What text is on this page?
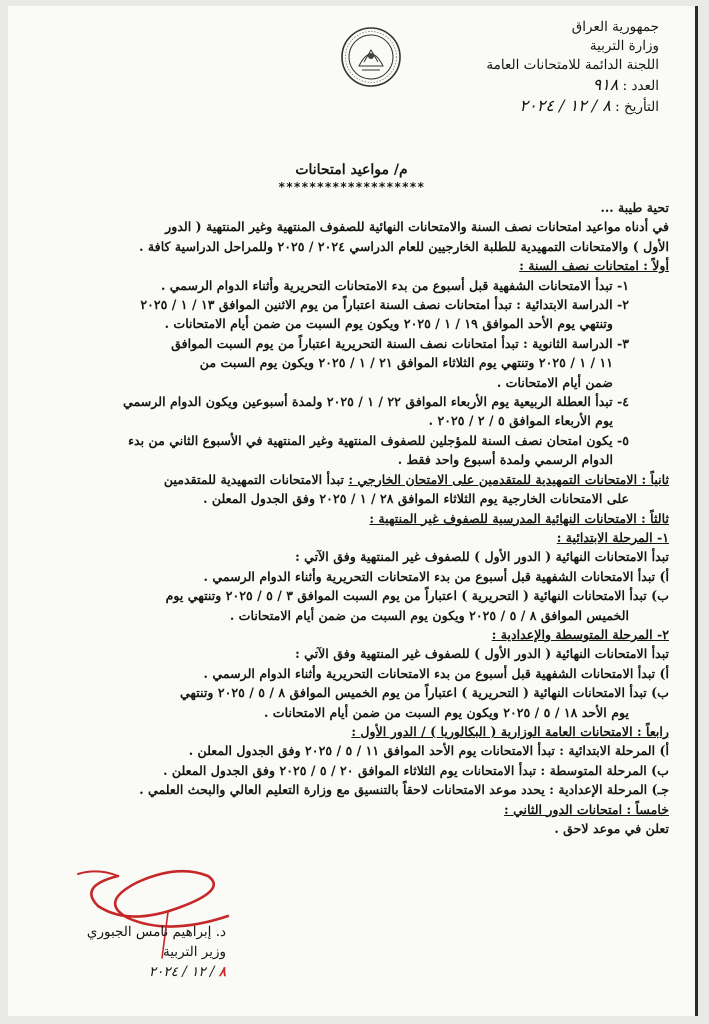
جمهورية العراق
وزارة التربية
اللجنة الدائمة للامتحانات العامة
العدد : ٩١٨
التأريخ : ٨ / ١٢ / ٢٠٢٤
م/ مواعيد امتحانات
*******************

تحية طيبة ...

في أدناه مواعيد امتحانات نصف السنة والامتحانات النهائية للصفوف المنتهية وغير المنتهية ( الدور

الأول ) والامتحانات التمهيدية للطلبة الخارجيين للعام الدراسي ٢٠٢٤ / ٢٠٢٥ وللمراحل الدراسية كافة .

أولاً : امتحانات نصف السنة :

١- تبدأ الامتحانات الشفهية قبل أسبوع من بدء الامتحانات التحريرية وأثناء الدوام الرسمي .

٢- الدراسة الابتدائية : تبدأ امتحانات نصف السنة اعتباراً من يوم الاثنين الموافق ١٣ / ١ / ٢٠٢٥

وتنتهي يوم الأحد الموافق ١٩ / ١ / ٢٠٢٥ ويكون يوم السبت من ضمن أيام الامتحانات .

٣- الدراسة الثانوية : تبدأ امتحانات نصف السنة التحريرية اعتباراً من يوم السبت الموافق

١١ / ١ / ٢٠٢٥ وتنتهي يوم الثلاثاء الموافق ٢١ / ١ / ٢٠٢٥ ويكون يوم السبت من

ضمن أيام الامتحانات .

٤- تبدأ العطلة الربيعية يوم الأربعاء الموافق ٢٢ / ١ / ٢٠٢٥ ولمدة أسبوعين ويكون الدوام الرسمي

يوم الأربعاء الموافق ٥ / ٢ / ٢٠٢٥ .

٥- يكون امتحان نصف السنة للمؤجلين للصفوف المنتهية وغير المنتهية في الأسبوع الثاني من بدء

الدوام الرسمي ولمدة أسبوع واحد فقط .

ثانياً : الامتحانات التمهيدية للمتقدمين على الامتحان الخارجي : تبدأ الامتحانات التمهيدية للمتقدمين

على الامتحانات الخارجية يوم الثلاثاء الموافق ٢٨ / ١ / ٢٠٢٥ وفق الجدول المعلن .

ثالثاً : الامتحانات النهائية المدرسية للصفوف غير المنتهية :

١- المرحلة الابتدائية :

تبدأ الامتحانات النهائية ( الدور الأول ) للصفوف غير المنتهية وفق الآتي :

أ) تبدأ الامتحانات الشفهية قبل أسبوع من بدء الامتحانات التحريرية وأثناء الدوام الرسمي .

ب) تبدأ الامتحانات النهائية ( التحريرية ) اعتباراً من يوم السبت الموافق ٣ / ٥ / ٢٠٢٥ وتنتهي يوم

الخميس الموافق ٨ / ٥ / ٢٠٢٥ ويكون يوم السبت من ضمن أيام الامتحانات .

٢- المرحلة المتوسطة والإعدادية :

تبدأ الامتحانات النهائية ( الدور الأول ) للصفوف غير المنتهية وفق الآتي :

أ) تبدأ الامتحانات الشفهية قبل أسبوع من بدء الامتحانات التحريرية وأثناء الدوام الرسمي .

ب) تبدأ الامتحانات النهائية ( التحريرية ) اعتباراً من يوم الخميس الموافق ٨ / ٥ / ٢٠٢٥ وتنتهي

يوم الأحد ١٨ / ٥ / ٢٠٢٥ ويكون يوم السبت من ضمن أيام الامتحانات .

رابعاً : الامتحانات العامة الوزارية ( البكالوريا ) / الدور الأول :

أ) المرحلة الابتدائية : تبدأ الامتحانات يوم الأحد الموافق ١١ / ٥ / ٢٠٢٥ وفق الجدول المعلن .

ب) المرحلة المتوسطة : تبدأ الامتحانات يوم الثلاثاء الموافق ٢٠ / ٥ / ٢٠٢٥ وفق الجدول المعلن .

جـ) المرحلة الإعدادية : يحدد موعد الامتحانات لاحقاً بالتنسيق مع وزارة التعليم العالي والبحث العلمي .

خامساً : امتحانات الدور الثاني :

تعلن في موعد لاحق .

د. إبراهيم نامس الجبوري
وزير التربية
٨ / ١٢ / ٢٠٢٤
